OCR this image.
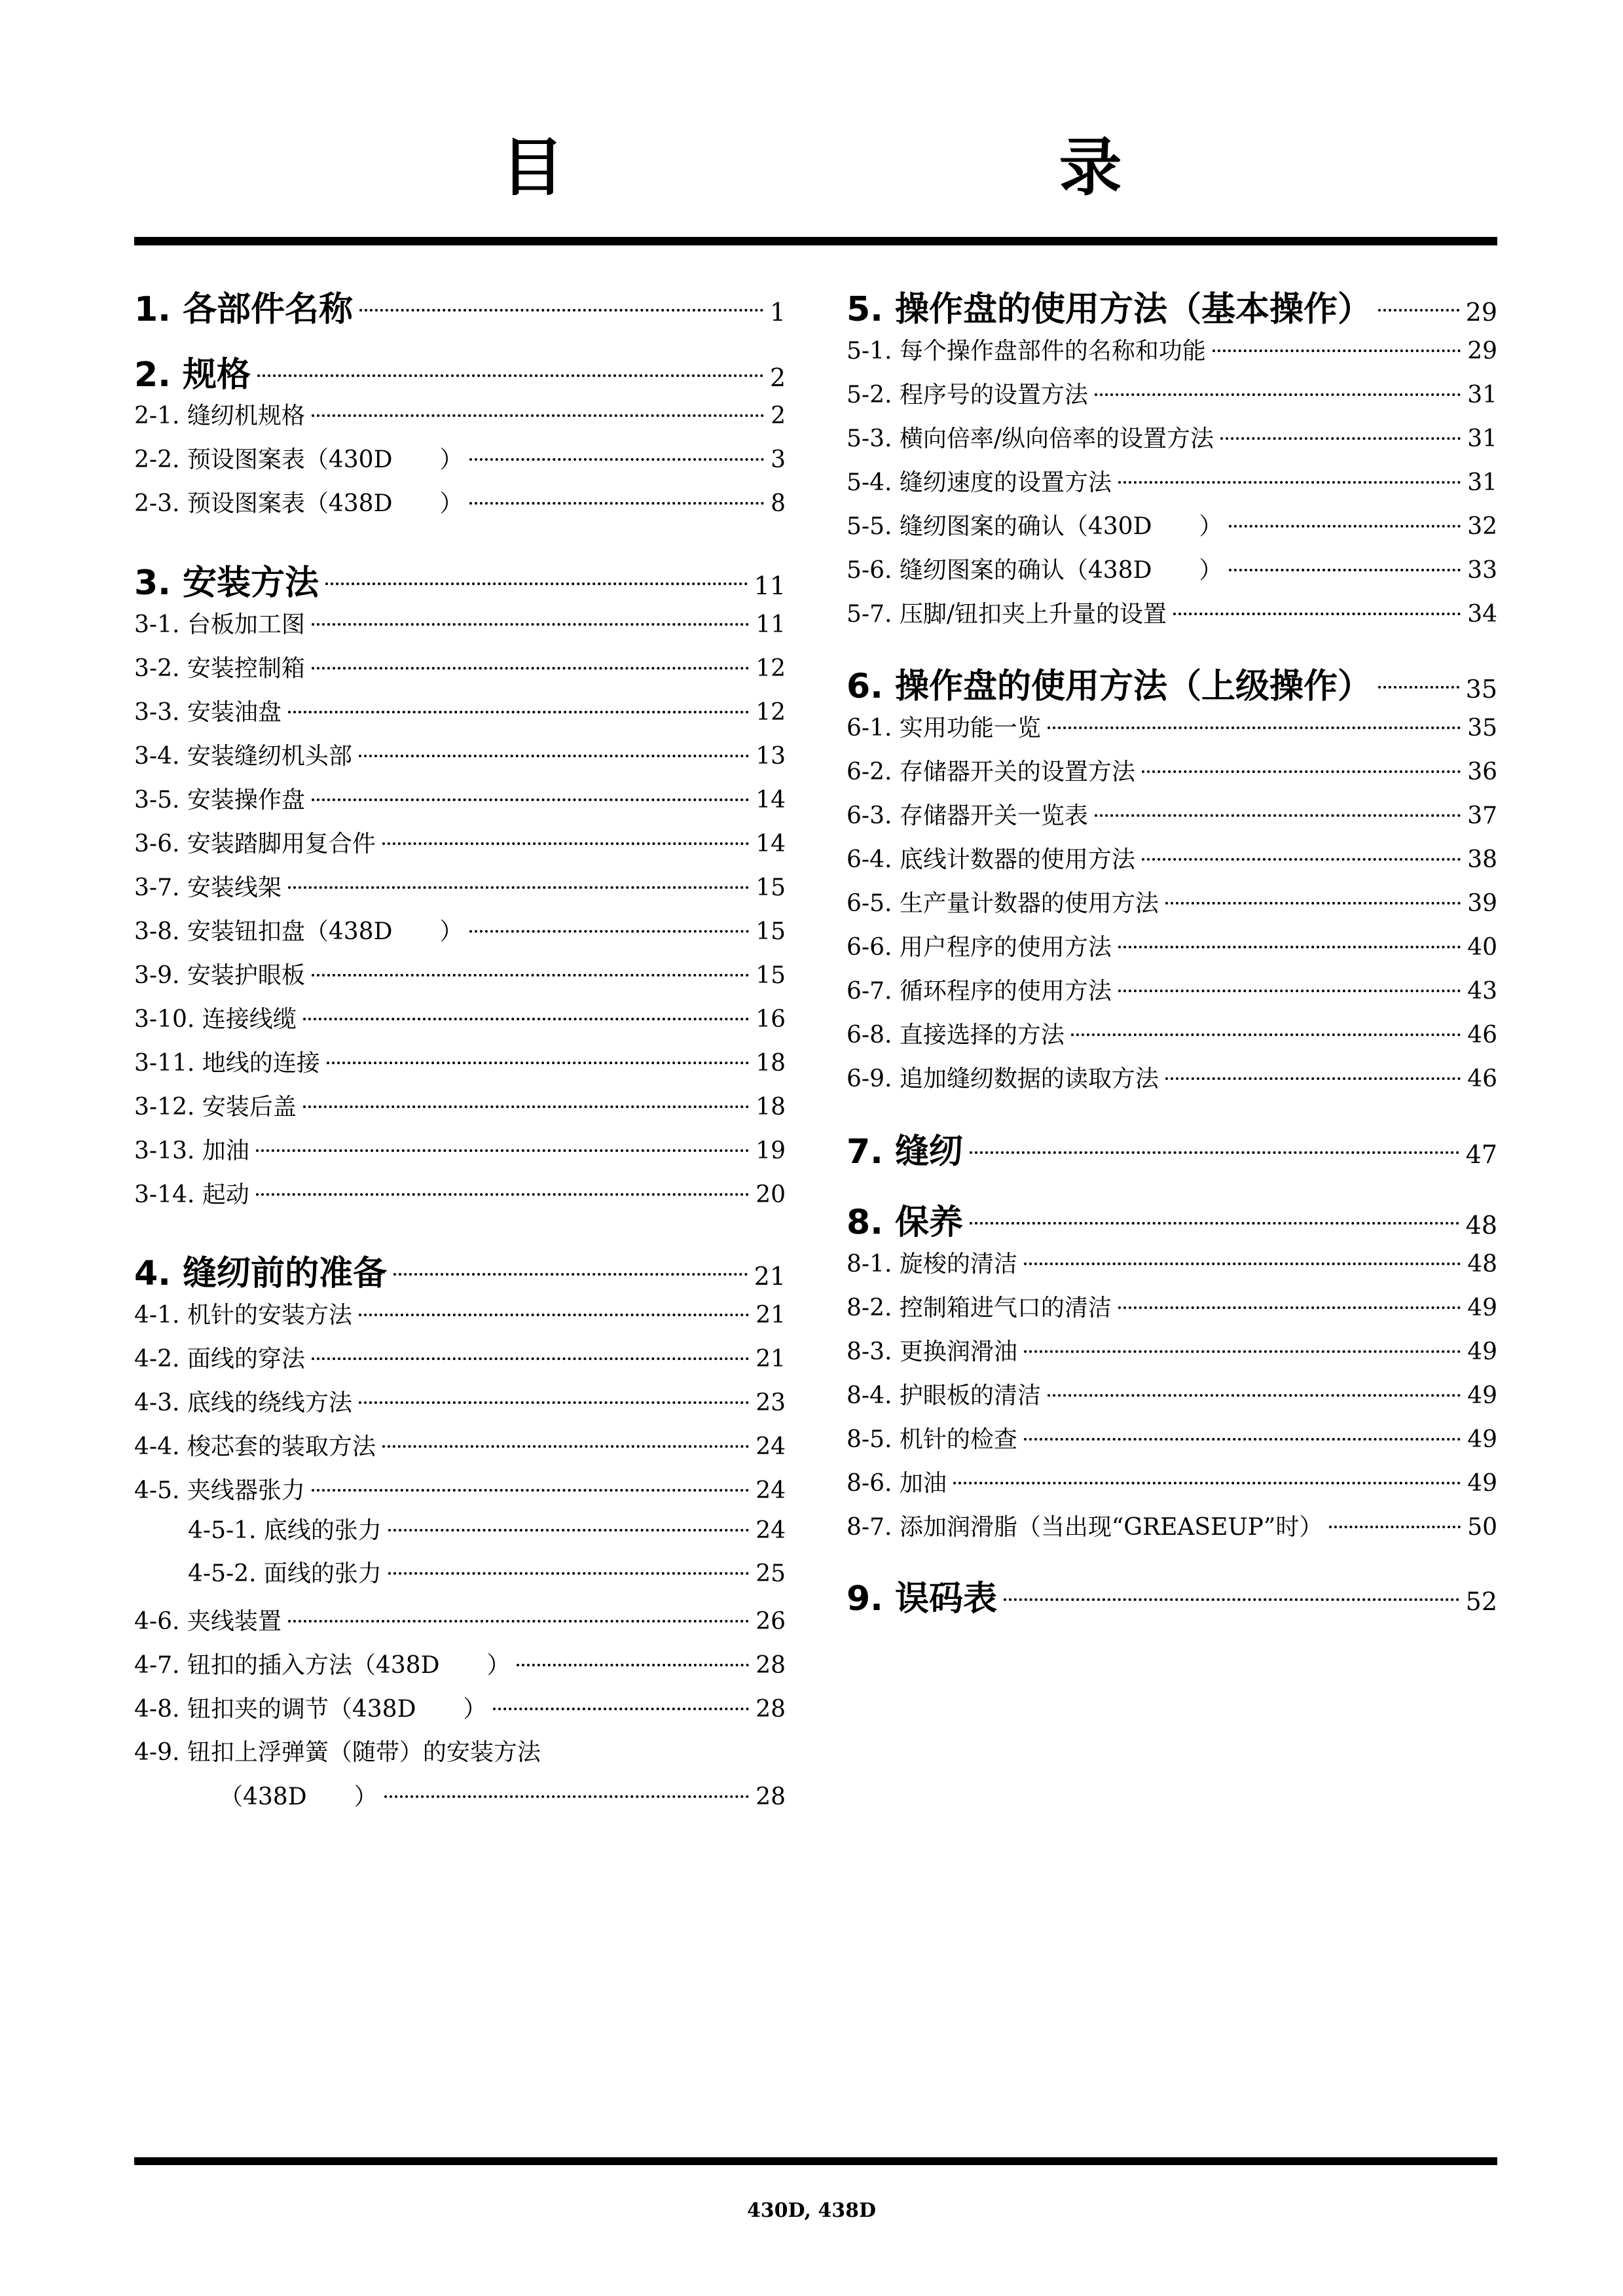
目　录
1. 各部件名称	1
2. 规格	2
2-1. 缝纫机规格	2
2-2. 预设图案表（430D　　）	3
2-3. 预设图案表（438D　　）	8
3. 安装方法	11
3-1. 台板加工图	11
3-2. 安装控制箱	12
3-3. 安装油盘	12
3-4. 安装缝纫机头部	13
3-5. 安装操作盘	14
3-6. 安装踏脚用复合件	14
3-7. 安装线架	15
3-8. 安装钮扣盘（438D　　）	15
3-9. 安装护眼板	15
3-10. 连接线缆	16
3-11. 地线的连接	18
3-12. 安装后盖	18
3-13. 加油	19
3-14. 起动	20
4. 缝纫前的准备	21
4-1. 机针的安装方法	21
4-2. 面线的穿法	21
4-3. 底线的绕线方法	23
4-4. 梭芯套的装取方法	24
4-5. 夹线器张力	24
4-5-1. 底线的张力	24
4-5-2. 面线的张力	25
4-6. 夹线装置	26
4-7. 钮扣的插入方法（438D　　）	28
4-8. 钮扣夹的调节（438D　　）	28
4-9. 钮扣上浮弹簧（随带）的安装方法
（438D　　）	28
5. 操作盘的使用方法（基本操作）	29
5-1. 每个操作盘部件的名称和功能	29
5-2. 程序号的设置方法	31
5-3. 横向倍率/纵向倍率的设置方法	31
5-4. 缝纫速度的设置方法	31
5-5. 缝纫图案的确认（430D　　）	32
5-6. 缝纫图案的确认（438D　　）	33
5-7. 压脚/钮扣夹上升量的设置	34
6. 操作盘的使用方法（上级操作）	35
6-1. 实用功能一览	35
6-2. 存储器开关的设置方法	36
6-3. 存储器开关一览表	37
6-4. 底线计数器的使用方法	38
6-5. 生产量计数器的使用方法	39
6-6. 用户程序的使用方法	40
6-7. 循环程序的使用方法	43
6-8. 直接选择的方法	46
6-9. 追加缝纫数据的读取方法	46
7. 缝纫	47
8. 保养	48
8-1. 旋梭的清洁	48
8-2. 控制箱进气口的清洁	49
8-3. 更换润滑油	49
8-4. 护眼板的清洁	49
8-5. 机针的检查	49
8-6. 加油	49
8-7. 添加润滑脂（当出现“GREASEUP”时）	50
9. 误码表	52
430D, 438D
